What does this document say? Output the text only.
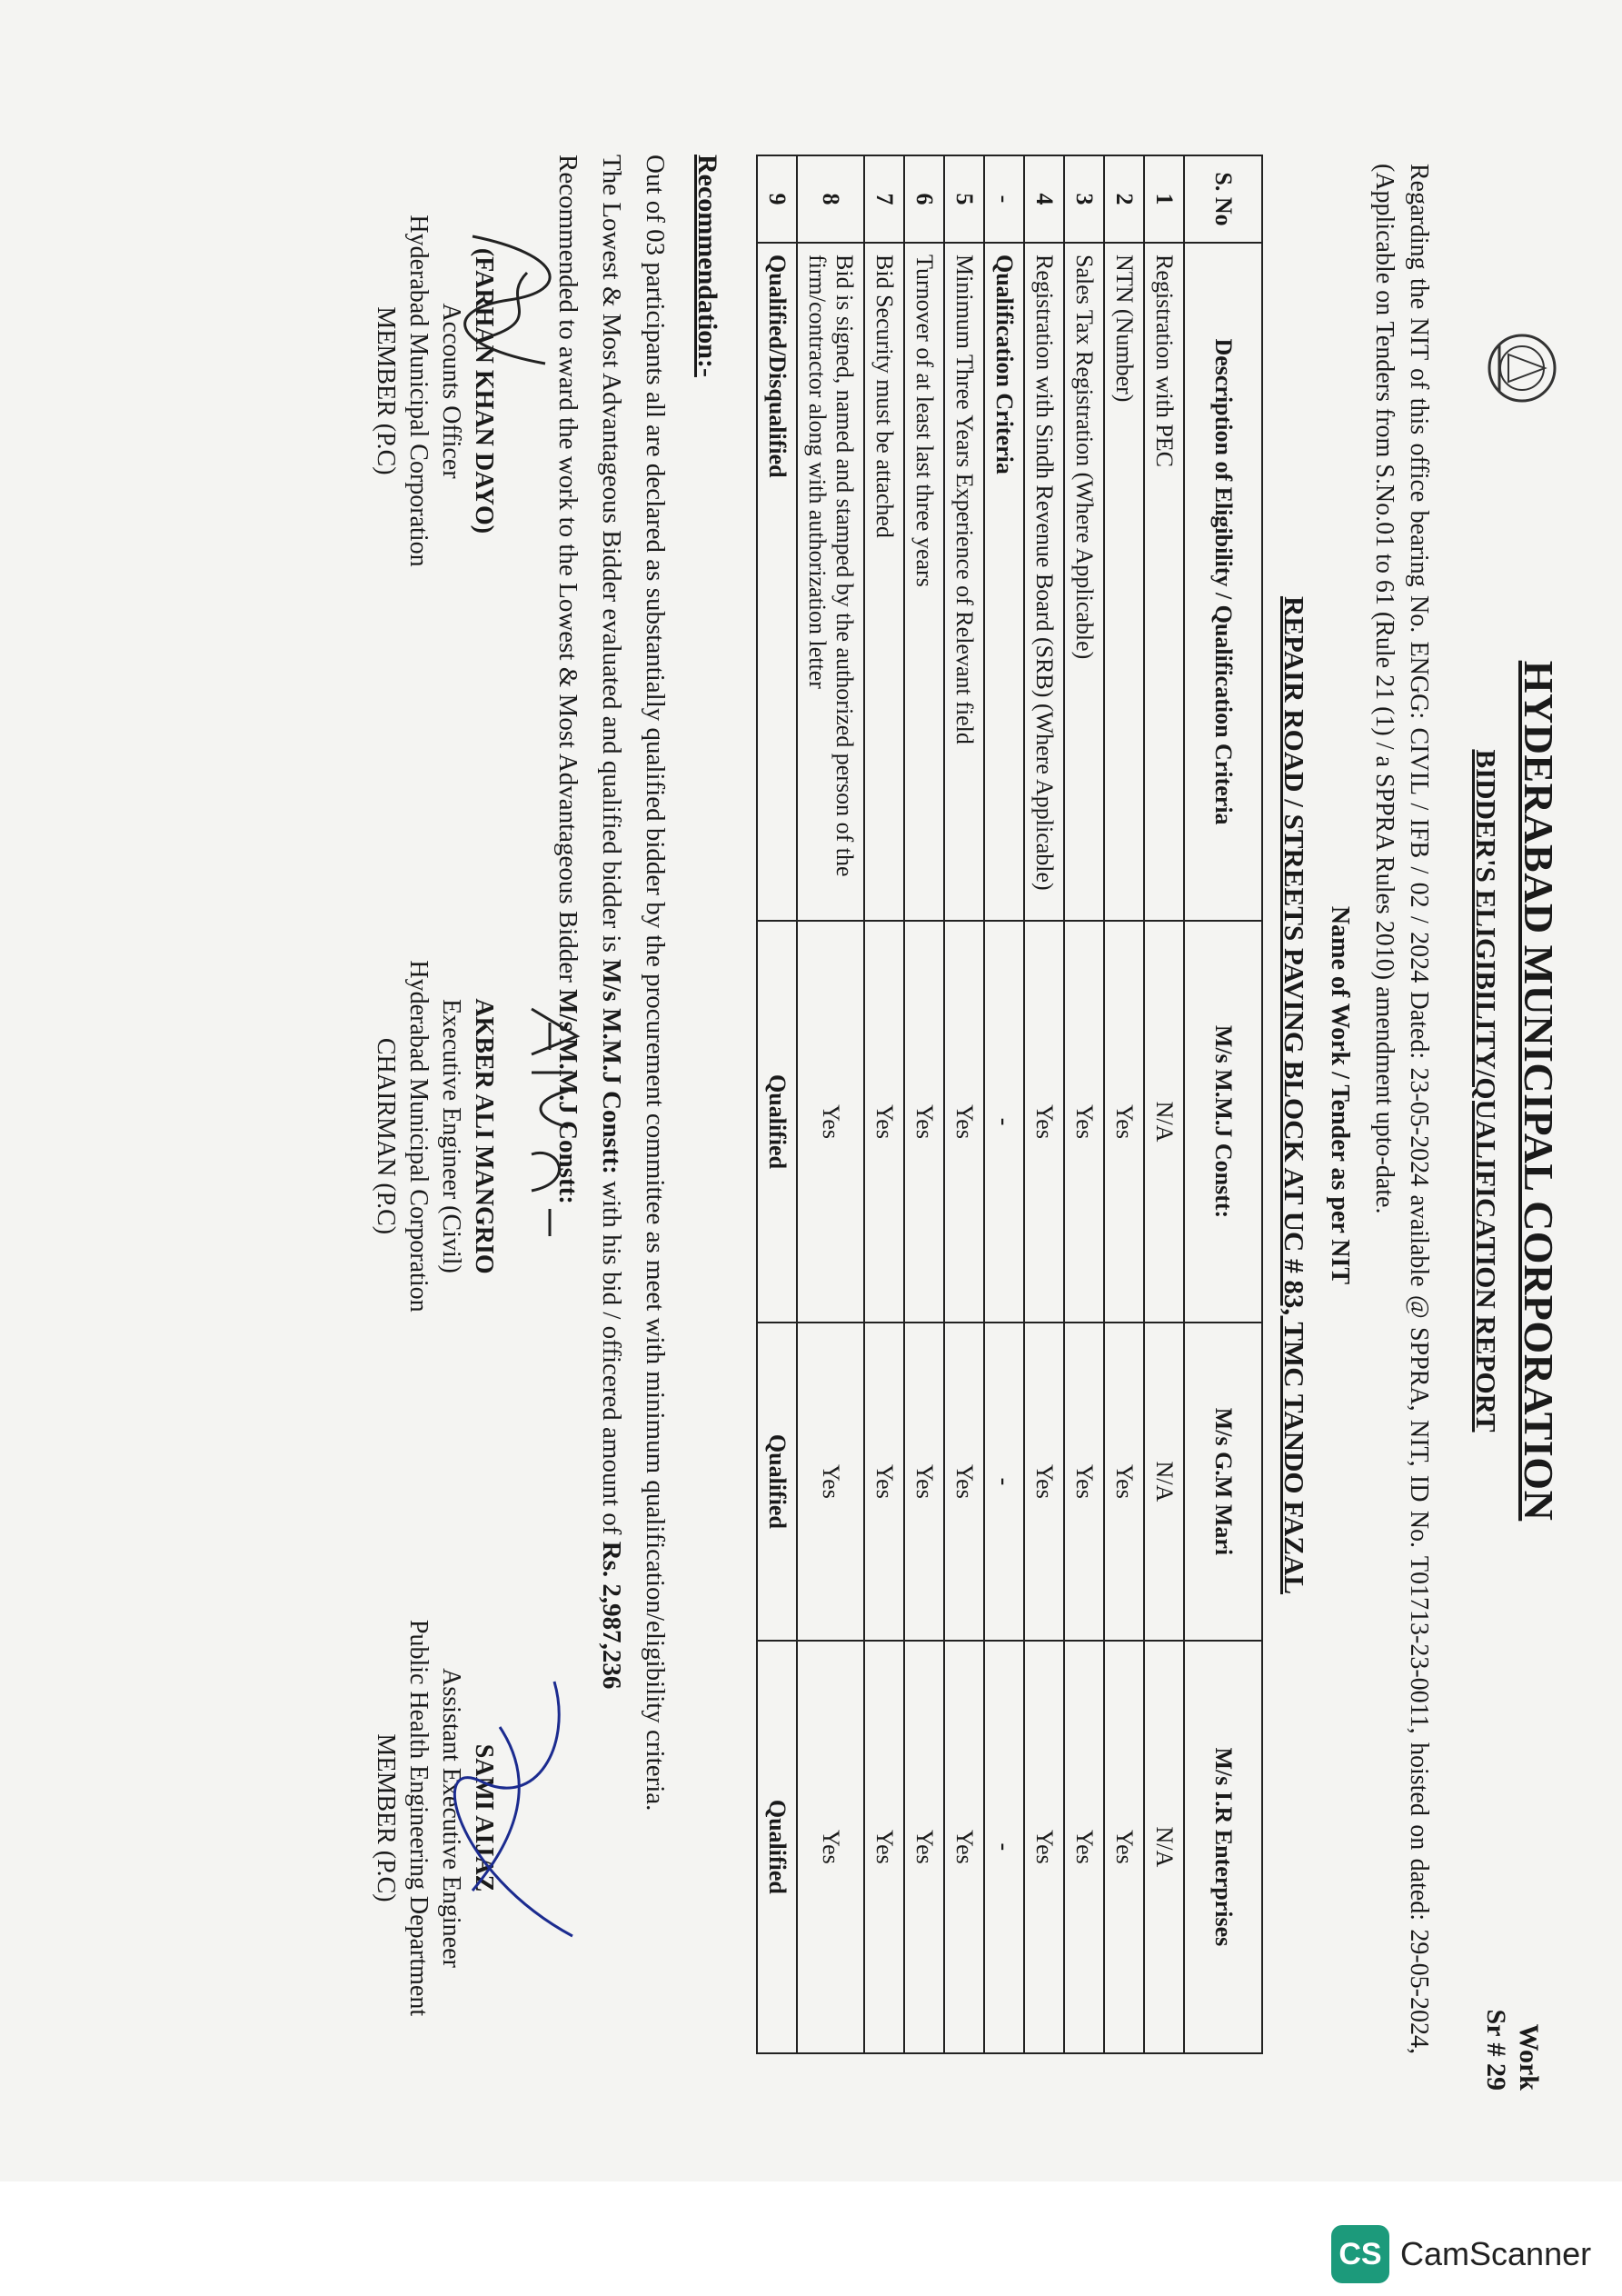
HYDERABAD MUNICIPAL CORPORATION
BIDDER'S ELIGIBILITY/QUALIFICATION REPORT
Work
Sr # 29
Regarding the NIT of this office bearing No. ENGG: CIVIL / IFB / 02 / 2024 Dated: 23-05-2024 available @ SPPRA, NIT, ID No. T01713-23-0011, hoisted on dated: 29-05-2024, (Applicable on Tenders from S.No.01 to 61 (Rule 21 (1) / a SPPRA Rules 2010) amendment upto-date.
Name of Work / Tender as per NIT
REPAIR ROAD / STREETS PAVING BLOCK AT UC # 83, TMC TANDO FAZAL
S. No	Description of Eligibility / Qualification Criteria	M/s M.M.J Constt:	M/s G.M Mari	M/s I.R Enterprises
1	Registration with PEC	N/A	N/A	N/A
2	NTN (Number)	Yes	Yes	Yes
3	Sales Tax Registration (Where Applicable)	Yes	Yes	Yes
4	Registration with Sindh Revenue Board (SRB) (Where Applicable)	Yes	Yes	Yes
-	Qualification Criteria	-	-	-
5	Minimum Three Years Experience of Relevant field	Yes	Yes	Yes
6	Turnover of at least last three years	Yes	Yes	Yes
7	Bid Security must be attached	Yes	Yes	Yes
8	Bid is signed, named and stamped by the authorized person of the firm/contractor along with authorization letter	Yes	Yes	Yes
9	Qualified/Disqualified	Qualified	Qualified	Qualified
Recommendation:-
Out of 03 participants all are declared as substantially qualified bidder by the procurement committee as meet with minimum qualification/eligibility criteria.
The Lowest & Most Advantageous Bidder evaluated and qualified bidder is M/s M.M.J Constt: with his bid / officered amount of Rs. 2,987,236
Recommended to award the work to the Lowest & Most Advantageous Bidder M/s M.M.J Constt:
(FARHAN KHAN DAYO)
Accounts Officer
Hyderabad Municipal Corporation
MEMBER (P.C)
AKBER ALI MANGRIO
Executive Engineer (Civil)
Hyderabad Municipal Corporation
CHAIRMAN (P.C)
SAMI AIJAZ
Assistant Executive Engineer
Public Health Engineering Department
MEMBER (P.C)
CS CamScanner
